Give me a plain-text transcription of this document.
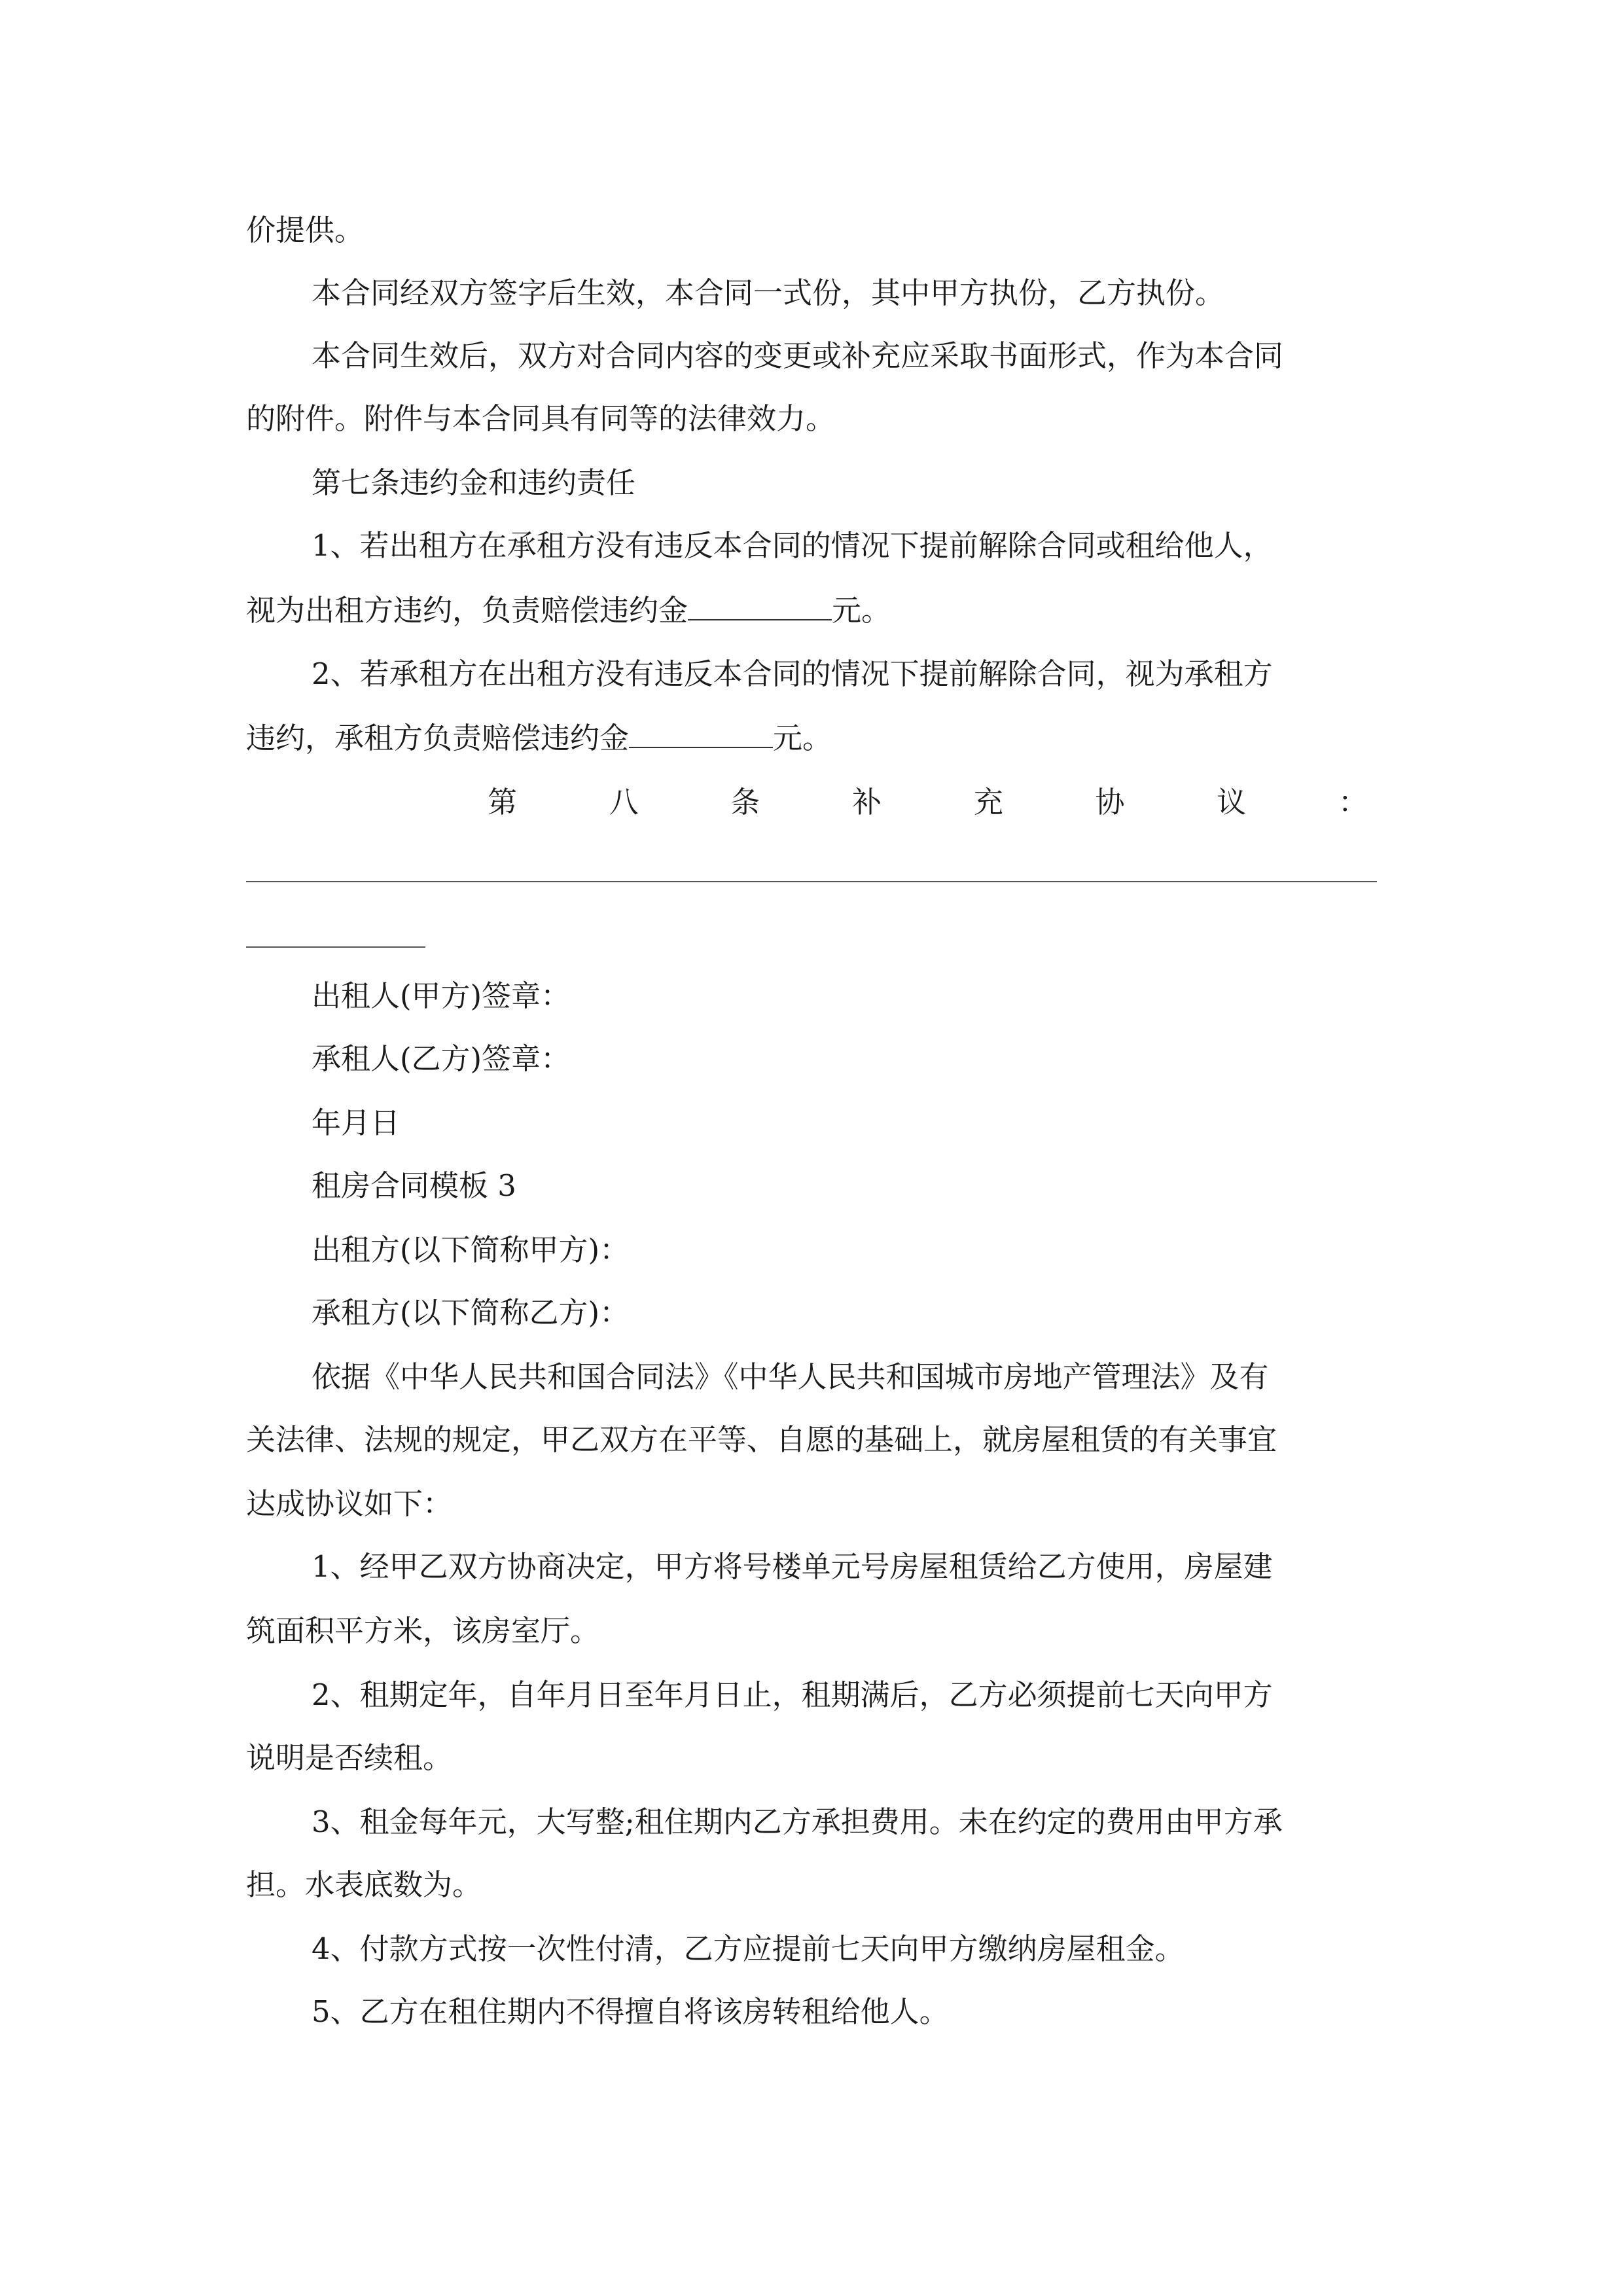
价提供。
本合同经双方签字后生效，本合同一式份，其中甲方执份，乙方执份。
本合同生效后，双方对合同内容的变更或补充应采取书面形式，作为本合同
的附件。附件与本合同具有同等的法律效力。
第七条违约金和违约责任
1、若出租方在承租方没有违反本合同的情况下提前解除合同或租给他人，
视为出租方违约，负责赔偿违约金	元。
2、若承租方在出租方没有违反本合同的情况下提前解除合同，视为承租方
违约，承租方负责赔偿违约金	元。
第	八	条	补	充	协	议	：
出租人(甲方)签章：
承租人(乙方)签章：
年月日
租房合同模板 3
出租方(以下简称甲方)：
承租方(以下简称乙方)：
依据《中华人民共和国合同法》《中华人民共和国城市房地产管理法》及有
关法律、法规的规定，甲乙双方在平等、自愿的基础上，就房屋租赁的有关事宜
达成协议如下：
1、经甲乙双方协商决定，甲方将号楼单元号房屋租赁给乙方使用，房屋建
筑面积平方米，该房室厅。
2、租期定年，自年月日至年月日止，租期满后，乙方必须提前七天向甲方
说明是否续租。
3、租金每年元，大写整;租住期内乙方承担费用。未在约定的费用由甲方承
担。水表底数为。
4、付款方式按一次性付清，乙方应提前七天向甲方缴纳房屋租金。
5、乙方在租住期内不得擅自将该房转租给他人。
